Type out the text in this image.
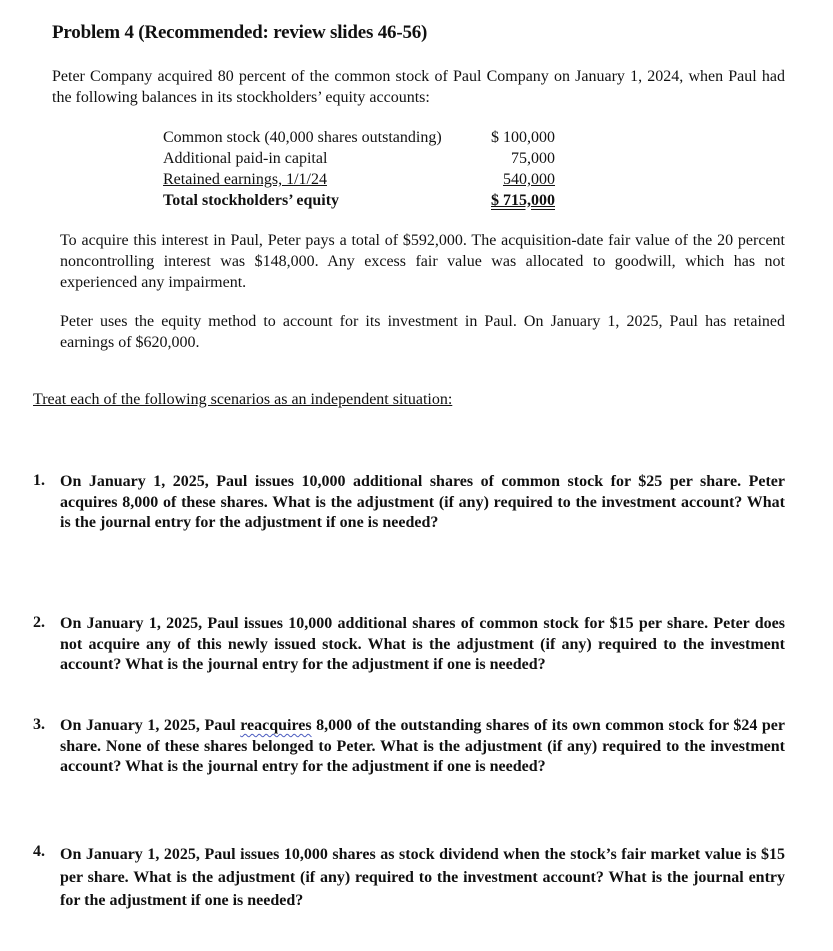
Problem 4 (Recommended: review slides 46-56)
Peter Company acquired 80 percent of the common stock of Paul Company on January 1, 2024, when Paul had the following balances in its stockholders’ equity accounts:
Common stock (40,000 shares outstanding)	$ 100,000
Additional paid-in capital	75,000
Retained earnings, 1/1/24	540,000
Total stockholders’ equity	$ 715,000
To acquire this interest in Paul, Peter pays a total of $592,000. The acquisition-date fair value of the 20 percent noncontrolling interest was $148,000. Any excess fair value was allocated to goodwill, which has not experienced any impairment.
Peter uses the equity method to account for its investment in Paul. On January 1, 2025, Paul has retained earnings of $620,000.
Treat each of the following scenarios as an independent situation:
1. On January 1, 2025, Paul issues 10,000 additional shares of common stock for $25 per share. Peter acquires 8,000 of these shares. What is the adjustment (if any) required to the investment account? What is the journal entry for the adjustment if one is needed?
2. On January 1, 2025, Paul issues 10,000 additional shares of common stock for $15 per share. Peter does not acquire any of this newly issued stock. What is the adjustment (if any) required to the investment account? What is the journal entry for the adjustment if one is needed?
3. On January 1, 2025, Paul reacquires 8,000 of the outstanding shares of its own common stock for $24 per share. None of these shares belonged to Peter. What is the adjustment (if any) required to the investment account? What is the journal entry for the adjustment if one is needed?
4. On January 1, 2025, Paul issues 10,000 shares as stock dividend when the stock’s fair market value is $15 per share. What is the adjustment (if any) required to the investment account? What is the journal entry for the adjustment if one is needed?
